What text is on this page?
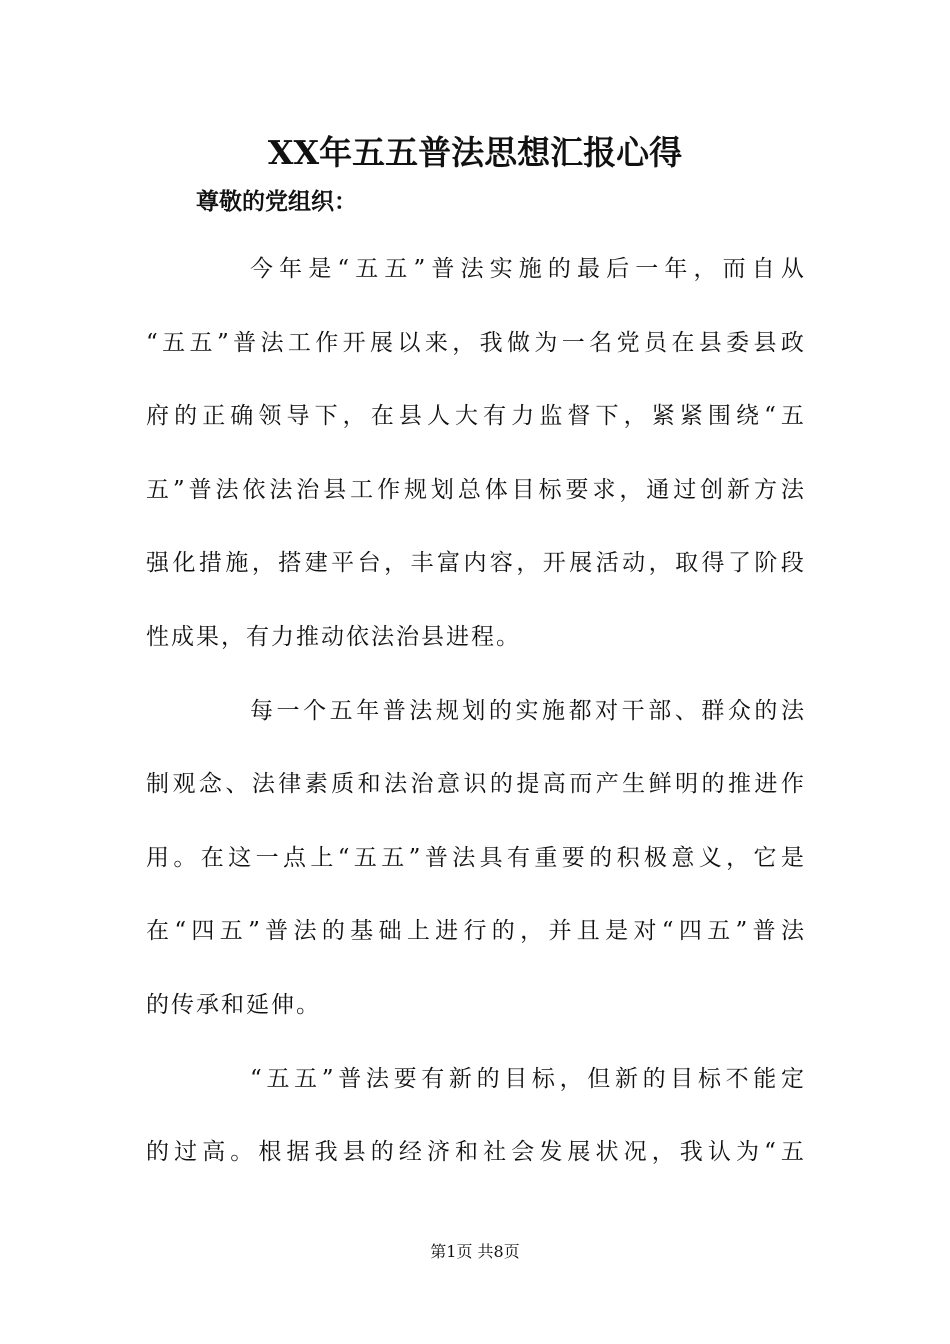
XX年五五普法思想汇报心得

尊敬的党组织：

今 年 是 “ 五 五 ” 普 法 实 施 的 最 后 一 年 ， 而 自 从
“ 五 五 ” 普 法 工 作 开 展 以 来 ， 我 做 为 一 名 党 员 在 县 委 县 政
府 的 正 确 领 导 下 ， 在 县 人 大 有 力 监 督 下 ， 紧 紧 围 绕 “ 五
五 ” 普 法 依 法 治 县 工 作 规 划 总 体 目 标 要 求 ， 通 过 创 新 方 法
强 化 措 施 ， 搭 建 平 台 ， 丰 富 内 容 ， 开 展 活 动 ， 取 得 了 阶 段
性成果，有力推动依法治县进程。
每 一 个 五 年 普 法 规 划 的 实 施 都 对 干 部 、 群 众 的 法
制 观 念 、 法 律 素 质 和 法 治 意 识 的 提 高 而 产 生 鲜 明 的 推 进 作
用 。 在 这 一 点 上 “ 五 五 ” 普 法 具 有 重 要 的 积 极 意 义 ， 它 是
在 “ 四 五 ” 普 法 的 基 础 上 进 行 的 ， 并 且 是 对 “ 四 五 ” 普 法
的传承和延伸。
“ 五 五 ” 普 法 要 有 新 的 目 标 ， 但 新 的 目 标 不 能 定
的 过 高 。 根 据 我 县 的 经 济 和 社 会 发 展 状 况 ， 我 认 为 “ 五
第1页 共8页
